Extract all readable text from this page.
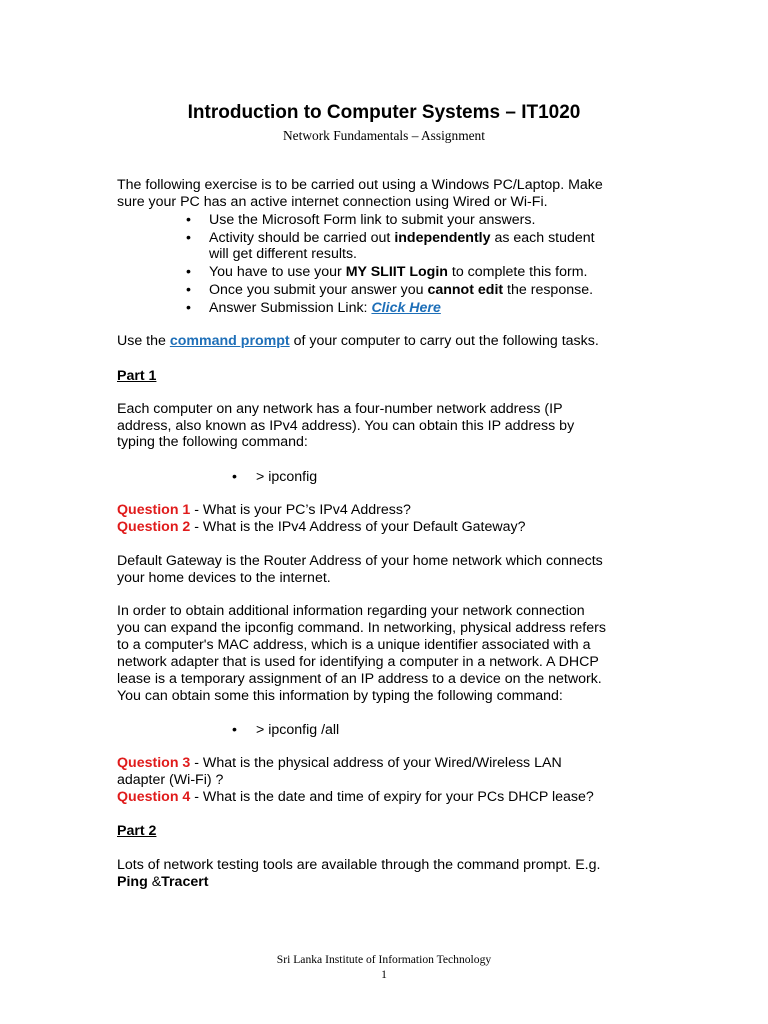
Introduction to Computer Systems – IT1020
Network Fundamentals – Assignment
The following exercise is to be carried out using a Windows PC/Laptop. Make
sure your PC has an active internet connection using Wired or Wi-Fi.
• Use the Microsoft Form link to submit your answers.
• Activity should be carried out independently as each student
will get different results.
• You have to use your MY SLIIT Login to complete this form.
• Once you submit your answer you cannot edit the response.
• Answer Submission Link: Click Here
Use the command prompt of your computer to carry out the following tasks.
Part 1
Each computer on any network has a four-number network address (IP
address, also known as IPv4 address). You can obtain this IP address by
typing the following command:
• > ipconfig
Question 1 - What is your PC’s IPv4 Address?
Question 2 - What is the IPv4 Address of your Default Gateway?
Default Gateway is the Router Address of your home network which connects
your home devices to the internet.
In order to obtain additional information regarding your network connection
you can expand the ipconfig command. In networking, physical address refers
to a computer's MAC address, which is a unique identifier associated with a
network adapter that is used for identifying a computer in a network. A DHCP
lease is a temporary assignment of an IP address to a device on the network.
You can obtain some this information by typing the following command:
• > ipconfig /all
Question 3 - What is the physical address of your Wired/Wireless LAN
adapter (Wi-Fi) ?
Question 4 - What is the date and time of expiry for your PCs DHCP lease?
Part 2
Lots of network testing tools are available through the command prompt. E.g.
Ping &Tracert
Sri Lanka Institute of Information Technology
1
